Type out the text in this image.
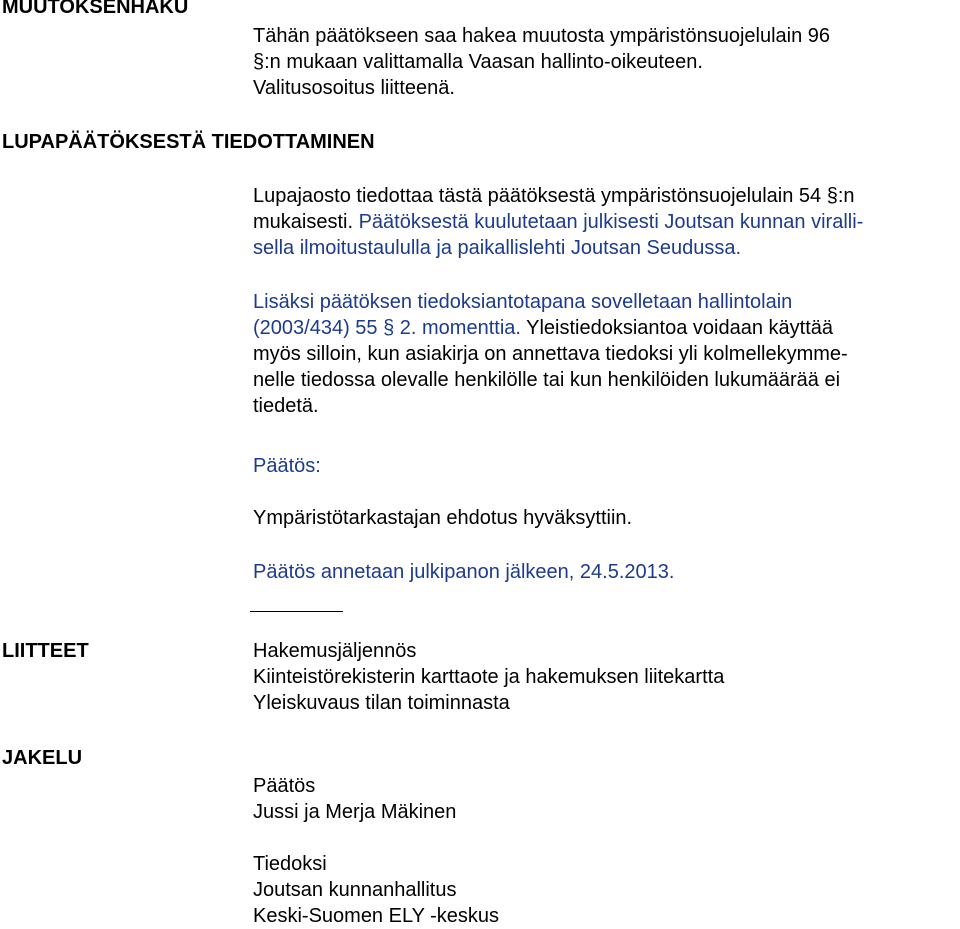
MUUTOKSENHAKU
Tähän päätökseen saa hakea muutosta ympäristönsuojelulain 96
§:n mukaan valittamalla Vaasan hallinto-oikeuteen.
Valitusosoitus liitteenä.
LUPAPÄÄTÖKSESTÄ TIEDOTTAMINEN
Lupajaosto tiedottaa tästä päätöksestä ympäristönsuojelulain 54 §:n
mukaisesti. Päätöksestä kuulutetaan julkisesti Joutsan kunnan viralli-
sella ilmoitustaululla ja paikallislehti Joutsan Seudussa.
Lisäksi päätöksen tiedoksiantotapana sovelletaan hallintolain
(2003/434) 55 § 2. momenttia. Yleistiedoksiantoa voidaan käyttää
myös silloin, kun asiakirja on annettava tiedoksi yli kolmellekymme-
nelle tiedossa olevalle henkilölle tai kun henkilöiden lukumäärää ei
tiedetä.
Päätös:
Ympäristötarkastajan ehdotus hyväksyttiin.
Päätös annetaan julkipanon jälkeen, 24.5.2013.
LIITTEET	Hakemusjäljennös
Kiinteistörekisterin karttaote ja hakemuksen liitekartta
Yleiskuvaus tilan toiminnasta
JAKELU
Päätös
Jussi ja Merja Mäkinen
Tiedoksi
Joutsan kunnanhallitus
Keski-Suomen ELY -keskus
